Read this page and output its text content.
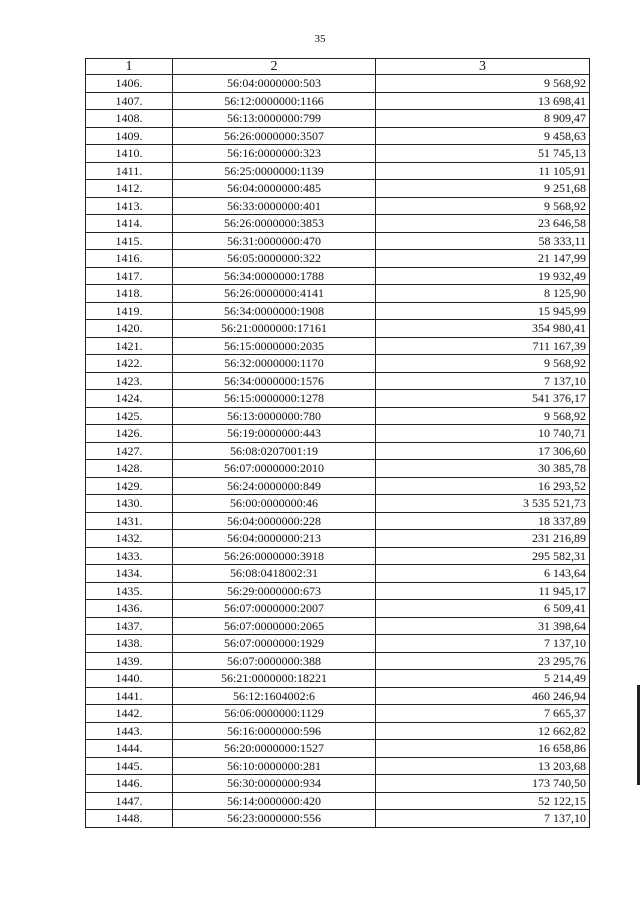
35
1	2	3
1406.	56:04:0000000:503	9 568,92
1407.	56:12:0000000:1166	13 698,41
1408.	56:13:0000000:799	8 909,47
1409.	56:26:0000000:3507	9 458,63
1410.	56:16:0000000:323	51 745,13
1411.	56:25:0000000:1139	11 105,91
1412.	56:04:0000000:485	9 251,68
1413.	56:33:0000000:401	9 568,92
1414.	56:26:0000000:3853	23 646,58
1415.	56:31:0000000:470	58 333,11
1416.	56:05:0000000:322	21 147,99
1417.	56:34:0000000:1788	19 932,49
1418.	56:26:0000000:4141	8 125,90
1419.	56:34:0000000:1908	15 945,99
1420.	56:21:0000000:17161	354 980,41
1421.	56:15:0000000:2035	711 167,39
1422.	56:32:0000000:1170	9 568,92
1423.	56:34:0000000:1576	7 137,10
1424.	56:15:0000000:1278	541 376,17
1425.	56:13:0000000:780	9 568,92
1426.	56:19:0000000:443	10 740,71
1427.	56:08:0207001:19	17 306,60
1428.	56:07:0000000:2010	30 385,78
1429.	56:24:0000000:849	16 293,52
1430.	56:00:0000000:46	3 535 521,73
1431.	56:04:0000000:228	18 337,89
1432.	56:04:0000000:213	231 216,89
1433.	56:26:0000000:3918	295 582,31
1434.	56:08:0418002:31	6 143,64
1435.	56:29:0000000:673	11 945,17
1436.	56:07:0000000:2007	6 509,41
1437.	56:07:0000000:2065	31 398,64
1438.	56:07:0000000:1929	7 137,10
1439.	56:07:0000000:388	23 295,76
1440.	56:21:0000000:18221	5 214,49
1441.	56:12:1604002:6	460 246,94
1442.	56:06:0000000:1129	7 665,37
1443.	56:16:0000000:596	12 662,82
1444.	56:20:0000000:1527	16 658,86
1445.	56:10:0000000:281	13 203,68
1446.	56:30:0000000:934	173 740,50
1447.	56:14:0000000:420	52 122,15
1448.	56:23:0000000:556	7 137,10
